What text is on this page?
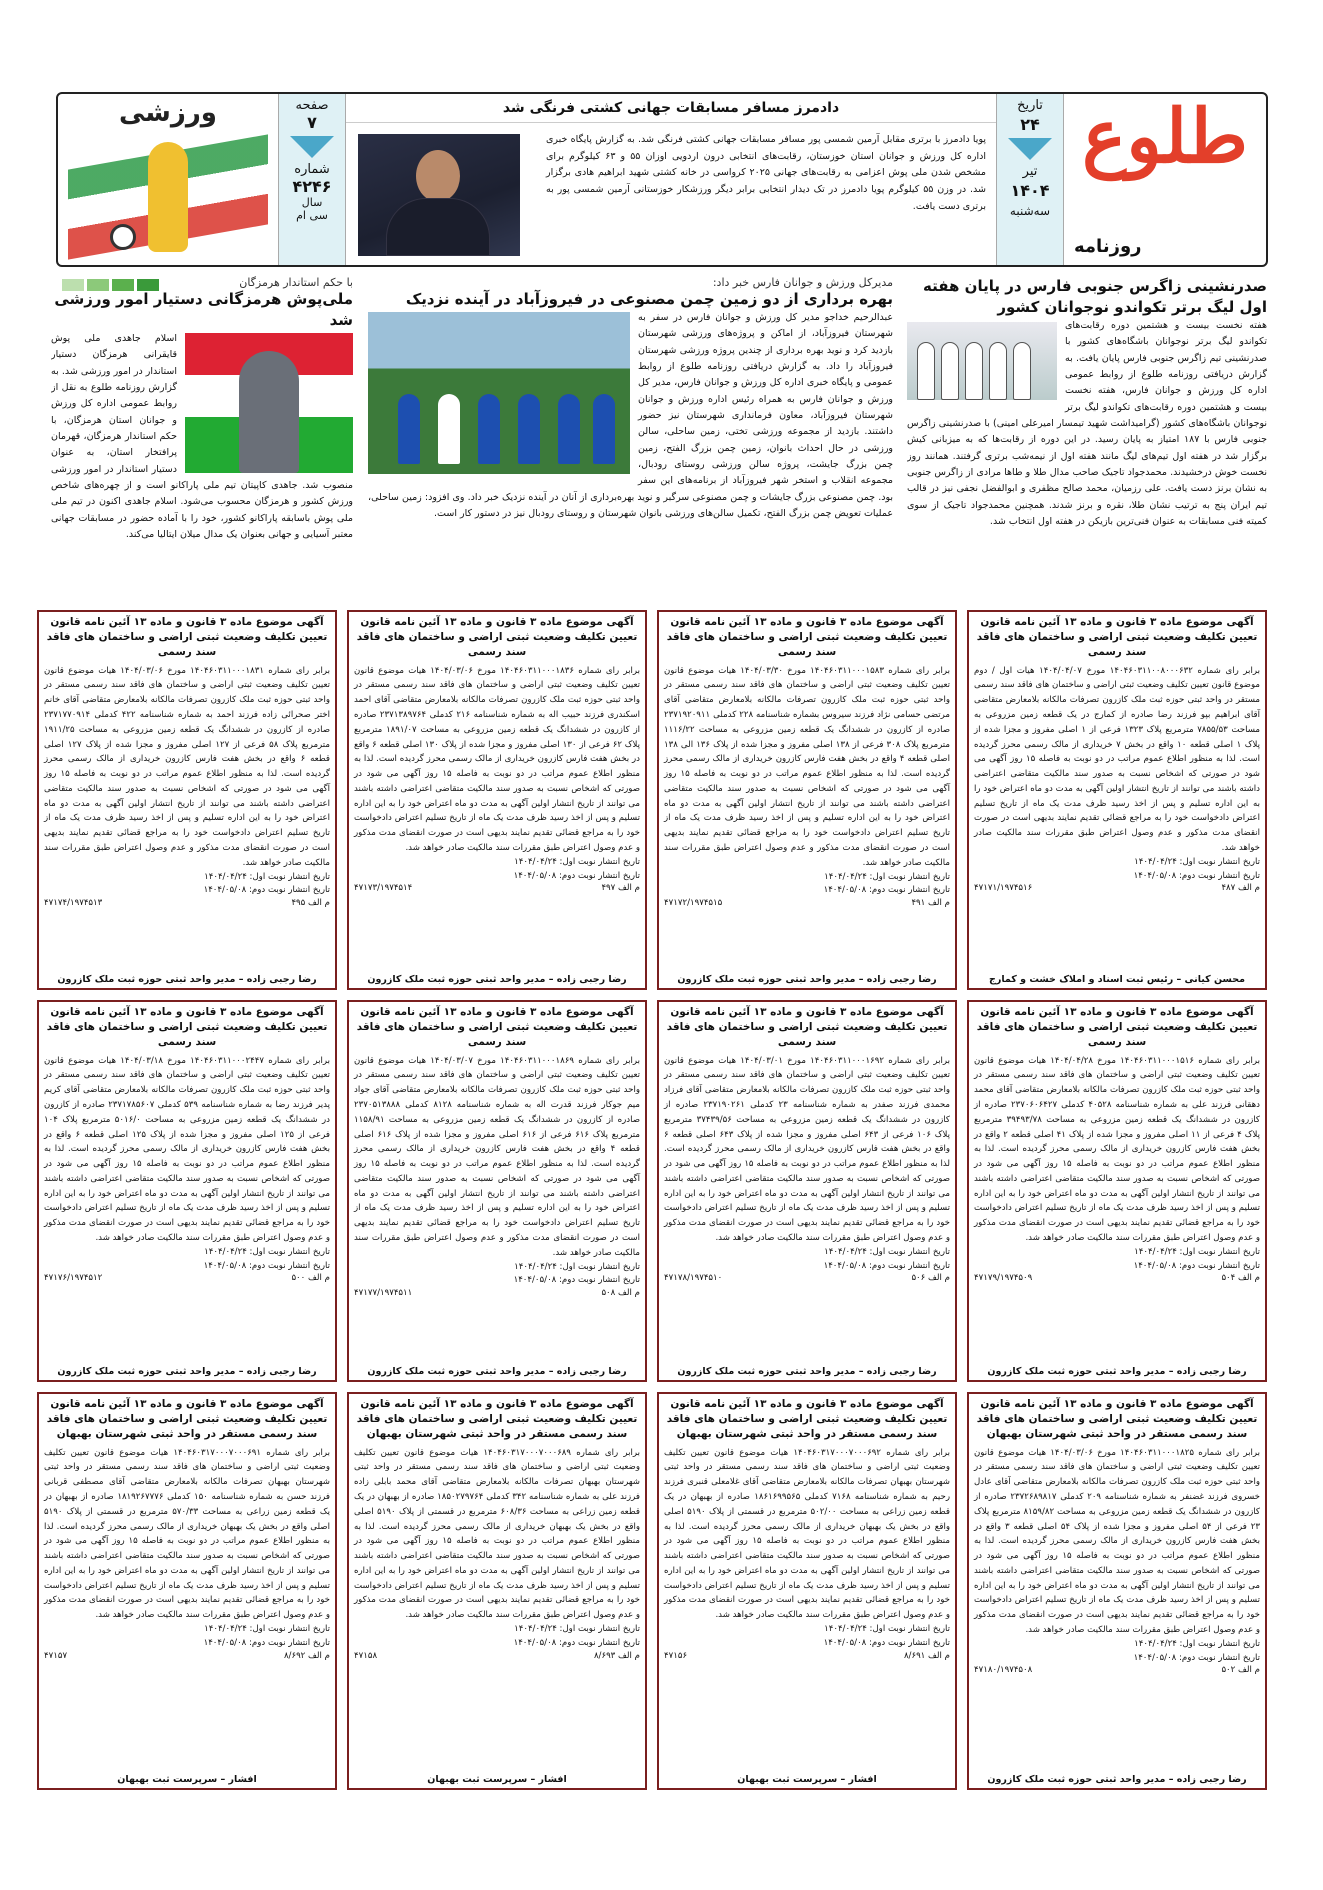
طلوع
روزنامه
تاریخ
۲۴
تیر
۱۴۰۴
سه‌شنبه
دادمرز مسافر مسابقات جهانی کشتی فرنگی شد
پویا دادمرز با برتری مقابل آرمین شمسی پور مسافر مسابقات جهانی کشتی فرنگی شد. به گزارش پایگاه خبری اداره کل ورزش و جوانان استان خوزستان، رقابت‌های انتخابی درون اردویی اوزان ۵۵ و ۶۳ کیلوگرم برای مشخص شدن ملی پوش اعزامی به رقابت‌های جهانی ۲۰۲۵ کرواسی در خانه کشتی شهید ابراهیم هادی برگزار شد. در وزن ۵۵ کیلوگرم پویا دادمرز در تک دیدار انتخابی برابر دیگر ورزشکار خوزستانی آرمین شمسی پور به برتری دست یافت.
صفحه
۷
شماره
۴۲۴۶
سال
سی ام
ورزشی
صدرنشینی زاگرس جنوبی فارس در پایان هفته اول لیگ برتر تکواندو نوجوانان کشور
هفته نخست بیست و هشتمین دوره رقابت‌های تکواندو لیگ برتر نوجوانان باشگاه‌های کشور با صدرنشینی تیم زاگرس جنوبی فارس پایان یافت. به گزارش دریافتی روزنامه طلوع از روابط عمومی اداره کل ورزش و جوانان فارس، هفته نخست بیست و هشتمین دوره رقابت‌های تکواندو لیگ برتر نوجوانان باشگاه‌های کشور (گرامیداشت شهید تیمسار امیرعلی امینی) با صدرنشینی زاگرس جنوبی فارس با ۱۸۷ امتیاز به پایان رسید. در این دوره از رقابت‌ها که به میزبانی کیش برگزار شد در هفته اول تیم‌های لیگ مانند هفته اول از نیمه‌شب برتری گرفتند. همانند روز نخست خوش درخشیدند. محمدجواد تاجیک صاحب مدال طلا و طاها مرادی از زاگرس جنوبی به نشان برنز دست یافت. علی رزمیان، محمد صالح مظفری و ابوالفضل نجفی نیز در قالب تیم ایران پنج به ترتیب نشان طلا، نقره و برنز شدند. همچنین محمدجواد تاجیک از سوی کمیته فنی مسابقات به عنوان فنی‌ترین بازیکن در هفته اول انتخاب شد.
مدیرکل ورزش و جوانان فارس خبر داد:
بهره برداری از دو زمین چمن مصنوعی در فیروزآباد در آینده نزدیک
عبدالرحیم خداجو مدیر کل ورزش و جوانان فارس در سفر به شهرستان فیروزآباد، از اماکن و پروژه‌های ورزشی شهرستان بازدید کرد و نوید بهره برداری از چندین پروژه ورزشی شهرستان فیروزآباد را داد. به گزارش دریافتی روزنامه طلوع از روابط عمومی و پایگاه خبری اداره کل ورزش و جوانان فارس، مدیر کل ورزش و جوانان فارس به همراه رئیس اداره ورزش و جوانان شهرستان فیروزآباد، معاون فرمانداری شهرستان نیز حضور داشتند. بازدید از مجموعه ورزشی تختی، زمین ساحلی، سالن ورزشی در حال احداث بانوان، زمین چمن بزرگ الفتح، زمین چمن بزرگ جایشت، پروژه سالن ورزشی روستای رودبال، مجموعه انقلاب و استخر شهر فیروزآباد از برنامه‌های این سفر بود. چمن مصنوعی بزرگ جایشات و چمن مصنوعی سرگبر و نوید بهره‌برداری از آنان در آینده نزدیک خبر داد. وی افزود: زمین ساحلی، عملیات تعویض چمن بزرگ الفتح، تکمیل سالن‌های ورزشی بانوان شهرستان و روستای رودبال نیز در دستور کار است.
با حکم استاندار هرمزگان
ملی‌پوش هرمزگانی دستیار امور ورزشی شد
اسلام جاهدی ملی پوش قایقرانی هرمزگان دستیار استاندار در امور ورزشی شد. به گزارش روزنامه طلوع به نقل از روابط عمومی اداره کل ورزش و جوانان استان هرمزگان، با حکم استاندار هرمزگان، قهرمان پرافتخار استان، به عنوان دستیار استاندار در امور ورزشی منصوب شد. جاهدی کاپیتان تیم ملی پاراکانو است و از چهره‌های شاخص ورزش کشور و هرمزگان محسوب می‌شود. اسلام جاهدی اکنون در تیم ملی ملی پوش باسابقه پاراکانو کشور، خود را با آماده حضور در مسابقات جهانی معتبر آسیایی و جهانی بعنوان یک مدال میلان ایتالیا می‌کند.
آگهی موضوع ماده ۳ قانون و ماده ۱۳ آئین نامه قانون تعیین تکلیف وضعیت ثبتی اراضی و ساختمان های فاقد سند رسمی
برابر رای شماره ۱۴۰۴۶۰۳۱۱۰۰۸۰۰۰۶۳۲ مورخ ۱۴۰۴/۰۴/۰۷ هیات اول / دوم موضوع قانون تعیین تکلیف وضعیت ثبتی اراضی و ساختمان های فاقد سند رسمی مستقر در واحد ثبتی حوزه ثبت ملک کازرون تصرفات مالکانه بلامعارض متقاضی آقای ابراهیم بپو فرزند رضا صادره از کمارج در یک قطعه زمین مزروعی به مساحت ۷۸۵۵/۵۳ مترمربع پلاک ۱۳۲۳ فرعی از ۱ اصلی مفروز و مجزا شده از پلاک ۱ اصلی قطعه ۱۰ واقع در بخش ۷ خریداری از مالک رسمی محرز گردیده است. لذا به منظور اطلاع عموم مراتب در دو نوبت به فاصله ۱۵ روز آگهی می شود در صورتی که اشخاص نسبت به صدور سند مالکیت متقاضی اعتراضی داشته باشند می توانند از تاریخ انتشار اولین آگهی به مدت دو ماه اعتراض خود را به این اداره تسلیم و پس از اخذ رسید ظرف مدت یک ماه از تاریخ تسلیم اعتراض دادخواست خود را به مراجع قضائی تقدیم نمایند بدیهی است در صورت انقضای مدت مذکور و عدم وصول اعتراض طبق مقررات سند مالکیت صادر خواهد شد.
تاریخ انتشار نوبت اول: ۱۴۰۴/۰۴/۲۴
تاریخ انتشار نوبت دوم: ۱۴۰۴/۰۵/۰۸
۴۷۱۷۱/۱۹۷۴۵۱۶	۴۸۷ م الف
محسن کیانی – رئیس ثبت اسناد و املاک خشت و کمارج
آگهی موضوع ماده ۳ قانون و ماده ۱۳ آئین نامه قانون تعیین تکلیف وضعیت ثبتی اراضی و ساختمان های فاقد سند رسمی
برابر رای شماره ۱۴۰۴۶۰۳۱۱۰۰۰۱۵۸۳ مورخ ۱۴۰۴/۰۳/۳۰ هیات موضوع قانون تعیین تکلیف وضعیت ثبتی اراضی و ساختمان های فاقد سند رسمی مستقر در واحد ثبتی حوزه ثبت ملک کازرون تصرفات مالکانه بلامعارض متقاضی آقای مرتضی حسامی نژاد فرزند سیروس بشماره شناسنامه ۲۲۸ کدملی ۲۳۷۱۹۲۰۹۱۱ صادره از کازرون در ششدانگ یک قطعه زمین مزروعی به مساحت ۱۱۱۶/۲۲ مترمربع پلاک ۳۰۸ فرعی از ۱۳۸ اصلی مفروز و مجزا شده از پلاک ۱۳۶ الی ۱۳۸ اصلی قطعه ۴ واقع در بخش هفت فارس کازرون خریداری از مالک رسمی محرز گردیده است. لذا به منظور اطلاع عموم مراتب در دو نوبت به فاصله ۱۵ روز آگهی می شود در صورتی که اشخاص نسبت به صدور سند مالکیت متقاضی اعتراضی داشته باشند می توانند از تاریخ انتشار اولین آگهی به مدت دو ماه اعتراض خود را به این اداره تسلیم و پس از اخذ رسید ظرف مدت یک ماه از تاریخ تسلیم اعتراض دادخواست خود را به مراجع قضائی تقدیم نمایند بدیهی است در صورت انقضای مدت مذکور و عدم وصول اعتراض طبق مقررات سند مالکیت صادر خواهد شد.
تاریخ انتشار نوبت اول: ۱۴۰۴/۰۴/۲۴
تاریخ انتشار نوبت دوم: ۱۴۰۴/۰۵/۰۸
۴۷۱۷۲/۱۹۷۴۵۱۵	۴۹۱ م الف
رضا رجبی زاده – مدیر واحد ثبتی حوزه ثبت ملک کازرون
آگهی موضوع ماده ۳ قانون و ماده ۱۳ آئین نامه قانون تعیین تکلیف وضعیت ثبتی اراضی و ساختمان های فاقد سند رسمی
برابر رای شماره ۱۴۰۴۶۰۳۱۱۰۰۰۱۸۳۶ مورخ ۱۴۰۴/۰۳/۰۶ هیات موضوع قانون تعیین تکلیف وضعیت ثبتی اراضی و ساختمان های فاقد سند رسمی مستقر در واحد ثبتی حوزه ثبت ملک کازرون تصرفات مالکانه بلامعارض متقاضی آقای احمد اسکندری فرزند حبیب اله به شماره شناسنامه ۲۱۶ کدملی ۲۳۷۱۳۸۹۷۶۴ صادره از کازرون در ششدانگ یک قطعه زمین مزروعی به مساحت ۱۸۹۱/۰۷ مترمربع پلاک ۶۲ فرعی از ۱۳۰ اصلی مفروز و مجزا شده از پلاک ۱۳۰ اصلی قطعه ۶ واقع در بخش هفت فارس کازرون خریداری از مالک رسمی محرز گردیده است. لذا به منظور اطلاع عموم مراتب در دو نوبت به فاصله ۱۵ روز آگهی می شود در صورتی که اشخاص نسبت به صدور سند مالکیت متقاضی اعتراضی داشته باشند می توانند از تاریخ انتشار اولین آگهی به مدت دو ماه اعتراض خود را به این اداره تسلیم و پس از اخذ رسید ظرف مدت یک ماه از تاریخ تسلیم اعتراض دادخواست خود را به مراجع قضائی تقدیم نمایند بدیهی است در صورت انقضای مدت مذکور و عدم وصول اعتراض طبق مقررات سند مالکیت صادر خواهد شد.
تاریخ انتشار نوبت اول: ۱۴۰۴/۰۴/۲۴
تاریخ انتشار نوبت دوم: ۱۴۰۴/۰۵/۰۸
۴۷۱۷۳/۱۹۷۴۵۱۴	۴۹۷ م الف
رضا رجبی زاده – مدیر واحد ثبتی حوزه ثبت ملک کازرون
آگهی موضوع ماده ۳ قانون و ماده ۱۳ آئین نامه قانون تعیین تکلیف وضعیت ثبتی اراضی و ساختمان های فاقد سند رسمی
برابر رای شماره ۱۴۰۴۶۰۳۱۱۰۰۰۱۸۳۱ مورخ ۱۴۰۴/۰۳/۰۶ هیات موضوع قانون تعیین تکلیف وضعیت ثبتی اراضی و ساختمان های فاقد سند رسمی مستقر در واحد ثبتی حوزه ثبت ملک کازرون تصرفات مالکانه بلامعارض متقاضی آقای خانم اختر صحرائی زاده فرزند احمد به شماره شناسنامه ۴۲۲ کدملی ۲۳۷۱۷۷۰۹۱۴ صادره از کازرون در ششدانگ یک قطعه زمین مزروعی به مساحت ۱۹۱۱/۲۵ مترمربع پلاک ۵۸ فرعی از ۱۲۷ اصلی مفروز و مجزا شده از پلاک ۱۲۷ اصلی قطعه ۶ واقع در بخش هفت فارس کازرون خریداری از مالک رسمی محرز گردیده است. لذا به منظور اطلاع عموم مراتب در دو نوبت به فاصله ۱۵ روز آگهی می شود در صورتی که اشخاص نسبت به صدور سند مالکیت متقاضی اعتراضی داشته باشند می توانند از تاریخ انتشار اولین آگهی به مدت دو ماه اعتراض خود را به این اداره تسلیم و پس از اخذ رسید ظرف مدت یک ماه از تاریخ تسلیم اعتراض دادخواست خود را به مراجع قضائی تقدیم نمایند بدیهی است در صورت انقضای مدت مذکور و عدم وصول اعتراض طبق مقررات سند مالکیت صادر خواهد شد.
تاریخ انتشار نوبت اول: ۱۴۰۴/۰۴/۲۴
تاریخ انتشار نوبت دوم: ۱۴۰۴/۰۵/۰۸
۴۷۱۷۴/۱۹۷۴۵۱۳	۴۹۵ م الف
رضا رجبی زاده – مدیر واحد ثبتی حوزه ثبت ملک کازرون
آگهی موضوع ماده ۳ قانون و ماده ۱۳ آئین نامه قانون تعیین تکلیف وضعیت ثبتی اراضی و ساختمان های فاقد سند رسمی
برابر رای شماره ۱۴۰۴۶۰۳۱۱۰۰۰۱۵۱۶ مورخ ۱۴۰۴/۰۴/۲۸ هیات موضوع قانون تعیین تکلیف وضعیت ثبتی اراضی و ساختمان های فاقد سند رسمی مستقر در واحد ثبتی حوزه ثبت ملک کازرون تصرفات مالکانه بلامعارض متقاضی آقای محمد دهقانی فرزند علی به شماره شناسنامه ۴۰۵۲۸ کدملی ۲۳۷۰۶۰۶۴۲۷ صادره از کازرون در ششدانگ یک قطعه زمین مزروعی به مساحت ۳۹۴۹۳/۷۸ مترمربع پلاک ۴ فرعی از ۱۱ اصلی مفروز و مجزا شده از پلاک ۴۱ اصلی قطعه ۲ واقع در بخش هفت فارس کازرون خریداری از مالک رسمی محرز گردیده است. لذا به منظور اطلاع عموم مراتب در دو نوبت به فاصله ۱۵ روز آگهی می شود در صورتی که اشخاص نسبت به صدور سند مالکیت متقاضی اعتراضی داشته باشند می توانند از تاریخ انتشار اولین آگهی به مدت دو ماه اعتراض خود را به این اداره تسلیم و پس از اخذ رسید ظرف مدت یک ماه از تاریخ تسلیم اعتراض دادخواست خود را به مراجع قضائی تقدیم نمایند بدیهی است در صورت انقضای مدت مذکور و عدم وصول اعتراض طبق مقررات سند مالکیت صادر خواهد شد.
تاریخ انتشار نوبت اول: ۱۴۰۴/۰۴/۲۴
تاریخ انتشار نوبت دوم: ۱۴۰۴/۰۵/۰۸
۴۷۱۷۹/۱۹۷۴۵۰۹	۵۰۴ م الف
رضا رجبی زاده – مدیر واحد ثبتی حوزه ثبت ملک کازرون
آگهی موضوع ماده ۳ قانون و ماده ۱۳ آئین نامه قانون تعیین تکلیف وضعیت ثبتی اراضی و ساختمان های فاقد سند رسمی
برابر رای شماره ۱۴۰۴۶۰۳۱۱۰۰۰۱۶۹۲ مورخ ۱۴۰۴/۰۳/۰۱ هیات موضوع قانون تعیین تکلیف وضعیت ثبتی اراضی و ساختمان های فاقد سند رسمی مستقر در واحد ثبتی حوزه ثبت ملک کازرون تصرفات مالکانه بلامعارض متقاضی آقای فرزاد محمدی فرزند صفدر به شماره شناسنامه ۲۳ کدملی ۲۳۷۱۹۰۲۶۱ صادره از کازرون در ششدانگ یک قطعه زمین مزروعی به مساحت ۳۷۴۳۹/۵۶ مترمربع پلاک ۱۰۶ فرعی از ۶۴۳ اصلی مفروز و مجزا شده از پلاک ۶۴۳ اصلی قطعه ۶ واقع در بخش هفت فارس کازرون خریداری از مالک رسمی محرز گردیده است. لذا به منظور اطلاع عموم مراتب در دو نوبت به فاصله ۱۵ روز آگهی می شود در صورتی که اشخاص نسبت به صدور سند مالکیت متقاضی اعتراضی داشته باشند می توانند از تاریخ انتشار اولین آگهی به مدت دو ماه اعتراض خود را به این اداره تسلیم و پس از اخذ رسید ظرف مدت یک ماه از تاریخ تسلیم اعتراض دادخواست خود را به مراجع قضائی تقدیم نمایند بدیهی است در صورت انقضای مدت مذکور و عدم وصول اعتراض طبق مقررات سند مالکیت صادر خواهد شد.
تاریخ انتشار نوبت اول: ۱۴۰۴/۰۴/۲۴
تاریخ انتشار نوبت دوم: ۱۴۰۴/۰۵/۰۸
۴۷۱۷۸/۱۹۷۴۵۱۰	۵۰۶ م الف
رضا رجبی زاده – مدیر واحد ثبتی حوزه ثبت ملک کازرون
آگهی موضوع ماده ۳ قانون و ماده ۱۳ آئین نامه قانون تعیین تکلیف وضعیت ثبتی اراضی و ساختمان های فاقد سند رسمی
برابر رای شماره ۱۴۰۴۶۰۳۱۱۰۰۰۱۸۶۹ مورخ ۱۴۰۴/۰۳/۰۷ هیات موضوع قانون تعیین تکلیف وضعیت ثبتی اراضی و ساختمان های فاقد سند رسمی مستقر در واحد ثبتی حوزه ثبت ملک کازرون تصرفات مالکانه بلامعارض متقاضی آقای جواد میم جوکار فرزند قدرت اله به شماره شناسنامه ۸۱۲۸ کدملی ۲۳۷۰۵۱۳۸۸۸ صادره از کازرون در ششدانگ یک قطعه زمین مزروعی به مساحت ۱۱۵۸/۹۱ مترمربع پلاک ۶۱۶ فرعی از ۶۱۶ اصلی مفروز و مجزا شده از پلاک ۶۱۶ اصلی قطعه ۴ واقع در بخش هفت فارس کازرون خریداری از مالک رسمی محرز گردیده است. لذا به منظور اطلاع عموم مراتب در دو نوبت به فاصله ۱۵ روز آگهی می شود در صورتی که اشخاص نسبت به صدور سند مالکیت متقاضی اعتراضی داشته باشند می توانند از تاریخ انتشار اولین آگهی به مدت دو ماه اعتراض خود را به این اداره تسلیم و پس از اخذ رسید ظرف مدت یک ماه از تاریخ تسلیم اعتراض دادخواست خود را به مراجع قضائی تقدیم نمایند بدیهی است در صورت انقضای مدت مذکور و عدم وصول اعتراض طبق مقررات سند مالکیت صادر خواهد شد.
تاریخ انتشار نوبت اول: ۱۴۰۴/۰۴/۲۴
تاریخ انتشار نوبت دوم: ۱۴۰۴/۰۵/۰۸
۴۷۱۷۷/۱۹۷۴۵۱۱	۵۰۸ م الف
رضا رجبی زاده – مدیر واحد ثبتی حوزه ثبت ملک کازرون
آگهی موضوع ماده ۳ قانون و ماده ۱۳ آئین نامه قانون تعیین تکلیف وضعیت ثبتی اراضی و ساختمان های فاقد سند رسمی
برابر رای شماره ۱۴۰۴۶۰۳۱۱۰۰۰۲۴۴۷ مورخ ۱۴۰۴/۰۳/۱۸ هیات موضوع قانون تعیین تکلیف وضعیت ثبتی اراضی و ساختمان های فاقد سند رسمی مستقر در واحد ثبتی حوزه ثبت ملک کازرون تصرفات مالکانه بلامعارض متقاضی آقای کریم پدیر فرزند رضا به شماره شناسنامه ۵۳۹ کدملی ۲۳۷۱۷۸۵۶۰۷ صادره از کازرون در ششدانگ یک قطعه زمین مزروعی به مساحت ۵۰۱۶/۰ مترمربع پلاک ۱۰۴ فرعی از ۱۲۵ اصلی مفروز و مجزا شده از پلاک ۱۲۵ اصلی قطعه ۶ واقع در بخش هفت فارس کازرون خریداری از مالک رسمی محرز گردیده است. لذا به منظور اطلاع عموم مراتب در دو نوبت به فاصله ۱۵ روز آگهی می شود در صورتی که اشخاص نسبت به صدور سند مالکیت متقاضی اعتراضی داشته باشند می توانند از تاریخ انتشار اولین آگهی به مدت دو ماه اعتراض خود را به این اداره تسلیم و پس از اخذ رسید ظرف مدت یک ماه از تاریخ تسلیم اعتراض دادخواست خود را به مراجع قضائی تقدیم نمایند بدیهی است در صورت انقضای مدت مذکور و عدم وصول اعتراض طبق مقررات سند مالکیت صادر خواهد شد.
تاریخ انتشار نوبت اول: ۱۴۰۴/۰۴/۲۴
تاریخ انتشار نوبت دوم: ۱۴۰۴/۰۵/۰۸
۴۷۱۷۶/۱۹۷۴۵۱۲	۵۰۰ م الف
رضا رجبی زاده – مدیر واحد ثبتی حوزه ثبت ملک کازرون
آگهی موضوع ماده ۳ قانون و ماده ۱۳ آئین نامه قانون تعیین تکلیف وضعیت ثبتی اراضی و ساختمان های فاقد سند رسمی مستقر در واحد ثبتی شهرستان بهبهان
برابر رای شماره ۱۴۰۴۶۰۳۱۱۰۰۰۱۸۲۵ مورخ ۱۴۰۴/۰۳/۰۶ هیات موضوع قانون تعیین تکلیف وضعیت ثبتی اراضی و ساختمان های فاقد سند رسمی مستقر در واحد ثبتی حوزه ثبت ملک کازرون تصرفات مالکانه بلامعارض متقاضی آقای عادل خسروی فرزند غضنفر به شماره شناسنامه ۲۰۹ کدملی ۲۳۷۲۶۸۹۸۱۷ صادره از کازرون در ششدانگ یک قطعه زمین مزروعی به مساحت ۸۱۵۹/۸۲ مترمربع پلاک ۲۳ فرعی از ۵۴ اصلی مفروز و مجزا شده از پلاک ۵۴ اصلی قطعه ۳ واقع در بخش هفت فارس کازرون خریداری از مالک رسمی محرز گردیده است. لذا به منظور اطلاع عموم مراتب در دو نوبت به فاصله ۱۵ روز آگهی می شود در صورتی که اشخاص نسبت به صدور سند مالکیت متقاضی اعتراضی داشته باشند می توانند از تاریخ انتشار اولین آگهی به مدت دو ماه اعتراض خود را به این اداره تسلیم و پس از اخذ رسید ظرف مدت یک ماه از تاریخ تسلیم اعتراض دادخواست خود را به مراجع قضائی تقدیم نمایند بدیهی است در صورت انقضای مدت مذکور و عدم وصول اعتراض طبق مقررات سند مالکیت صادر خواهد شد.
تاریخ انتشار نوبت اول: ۱۴۰۴/۰۴/۲۴
تاریخ انتشار نوبت دوم: ۱۴۰۴/۰۵/۰۸
۴۷۱۸۰/۱۹۷۴۵۰۸	۵۰۲ م الف
رضا رجبی زاده – مدیر واحد ثبتی حوزه ثبت ملک کازرون
آگهی موضوع ماده ۳ قانون و ماده ۱۳ آئین نامه قانون تعیین تکلیف وضعیت ثبتی اراضی و ساختمان های فاقد سند رسمی مستقر در واحد ثبتی شهرستان بهبهان
برابر رای شماره ۱۴۰۴۶۰۳۱۷۰۰۰۷۰۰۰۶۹۲ هیات موضوع قانون تعیین تکلیف وضعیت ثبتی اراضی و ساختمان های فاقد سند رسمی مستقر در واحد ثبتی شهرستان بهبهان تصرفات مالکانه بلامعارض متقاضی آقای غلامعلی قنبری فرزند رحیم به شماره شناسنامه ۷۱۶۸ کدملی ۱۸۶۱۶۹۹۵۶۵ صادره از بهبهان در یک قطعه زمین زراعی به مساحت ۵۰۲/۰۰ مترمربع در قسمتی از پلاک ۵۱۹۰ اصلی واقع در بخش یک بهبهان خریداری از مالک رسمی محرز گردیده است. لذا به منظور اطلاع عموم مراتب در دو نوبت به فاصله ۱۵ روز آگهی می شود در صورتی که اشخاص نسبت به صدور سند مالکیت متقاضی اعتراضی داشته باشند می توانند از تاریخ انتشار اولین آگهی به مدت دو ماه اعتراض خود را به این اداره تسلیم و پس از اخذ رسید ظرف مدت یک ماه از تاریخ تسلیم اعتراض دادخواست خود را به مراجع قضائی تقدیم نمایند بدیهی است در صورت انقضای مدت مذکور و عدم وصول اعتراض طبق مقررات سند مالکیت صادر خواهد شد.
تاریخ انتشار نوبت اول: ۱۴۰۴/۰۴/۲۴
تاریخ انتشار نوبت دوم: ۱۴۰۴/۰۵/۰۸
۴۷۱۵۶	۸/۶۹۱ م الف
افشار – سرپرست ثبت بهبهان
آگهی موضوع ماده ۳ قانون و ماده ۱۳ آئین نامه قانون تعیین تکلیف وضعیت ثبتی اراضی و ساختمان های فاقد سند رسمی مستقر در واحد ثبتی شهرستان بهبهان
برابر رای شماره ۱۴۰۴۶۰۳۱۷۰۰۰۷۰۰۰۶۸۹ هیات موضوع قانون تعیین تکلیف وضعیت ثبتی اراضی و ساختمان های فاقد سند رسمی مستقر در واحد ثبتی شهرستان بهبهان تصرفات مالکانه بلامعارض متقاضی آقای محمد بابلی زاده فرزند علی به شماره شناسنامه ۳۴۲ کدملی ۱۸۵۰۲۷۹۷۶۴ صادره از بهبهان در یک قطعه زمین زراعی به مساحت ۶۰۸/۳۶ مترمربع در قسمتی از پلاک ۵۱۹۰ اصلی واقع در بخش یک بهبهان خریداری از مالک رسمی محرز گردیده است. لذا به منظور اطلاع عموم مراتب در دو نوبت به فاصله ۱۵ روز آگهی می شود در صورتی که اشخاص نسبت به صدور سند مالکیت متقاضی اعتراضی داشته باشند می توانند از تاریخ انتشار اولین آگهی به مدت دو ماه اعتراض خود را به این اداره تسلیم و پس از اخذ رسید ظرف مدت یک ماه از تاریخ تسلیم اعتراض دادخواست خود را به مراجع قضائی تقدیم نمایند بدیهی است در صورت انقضای مدت مذکور و عدم وصول اعتراض طبق مقررات سند مالکیت صادر خواهد شد.
تاریخ انتشار نوبت اول: ۱۴۰۴/۰۴/۲۴
تاریخ انتشار نوبت دوم: ۱۴۰۴/۰۵/۰۸
۴۷۱۵۸	۸/۶۹۳ م الف
افشار – سرپرست ثبت بهبهان
آگهی موضوع ماده ۳ قانون و ماده ۱۳ آئین نامه قانون تعیین تکلیف وضعیت ثبتی اراضی و ساختمان های فاقد سند رسمی مستقر در واحد ثبتی شهرستان بهبهان
برابر رای شماره ۱۴۰۴۶۰۳۱۷۰۰۰۷۰۰۰۶۹۱ هیات موضوع قانون تعیین تکلیف وضعیت ثبتی اراضی و ساختمان های فاقد سند رسمی مستقر در واحد ثبتی شهرستان بهبهان تصرفات مالکانه بلامعارض متقاضی آقای مصطفی قربانی فرزند حسن به شماره شناسنامه ۱۵۰ کدملی ۱۸۱۹۲۶۷۷۷۶ صادره از بهبهان در یک قطعه زمین زراعی به مساحت ۵۷۰/۳۳ مترمربع در قسمتی از پلاک ۵۱۹۰ اصلی واقع در بخش یک بهبهان خریداری از مالک رسمی محرز گردیده است. لذا به منظور اطلاع عموم مراتب در دو نوبت به فاصله ۱۵ روز آگهی می شود در صورتی که اشخاص نسبت به صدور سند مالکیت متقاضی اعتراضی داشته باشند می توانند از تاریخ انتشار اولین آگهی به مدت دو ماه اعتراض خود را به این اداره تسلیم و پس از اخذ رسید ظرف مدت یک ماه از تاریخ تسلیم اعتراض دادخواست خود را به مراجع قضائی تقدیم نمایند بدیهی است در صورت انقضای مدت مذکور و عدم وصول اعتراض طبق مقررات سند مالکیت صادر خواهد شد.
تاریخ انتشار نوبت اول: ۱۴۰۴/۰۴/۲۴
تاریخ انتشار نوبت دوم: ۱۴۰۴/۰۵/۰۸
۴۷۱۵۷	۸/۶۹۲ م الف
افشار – سرپرست ثبت بهبهان
